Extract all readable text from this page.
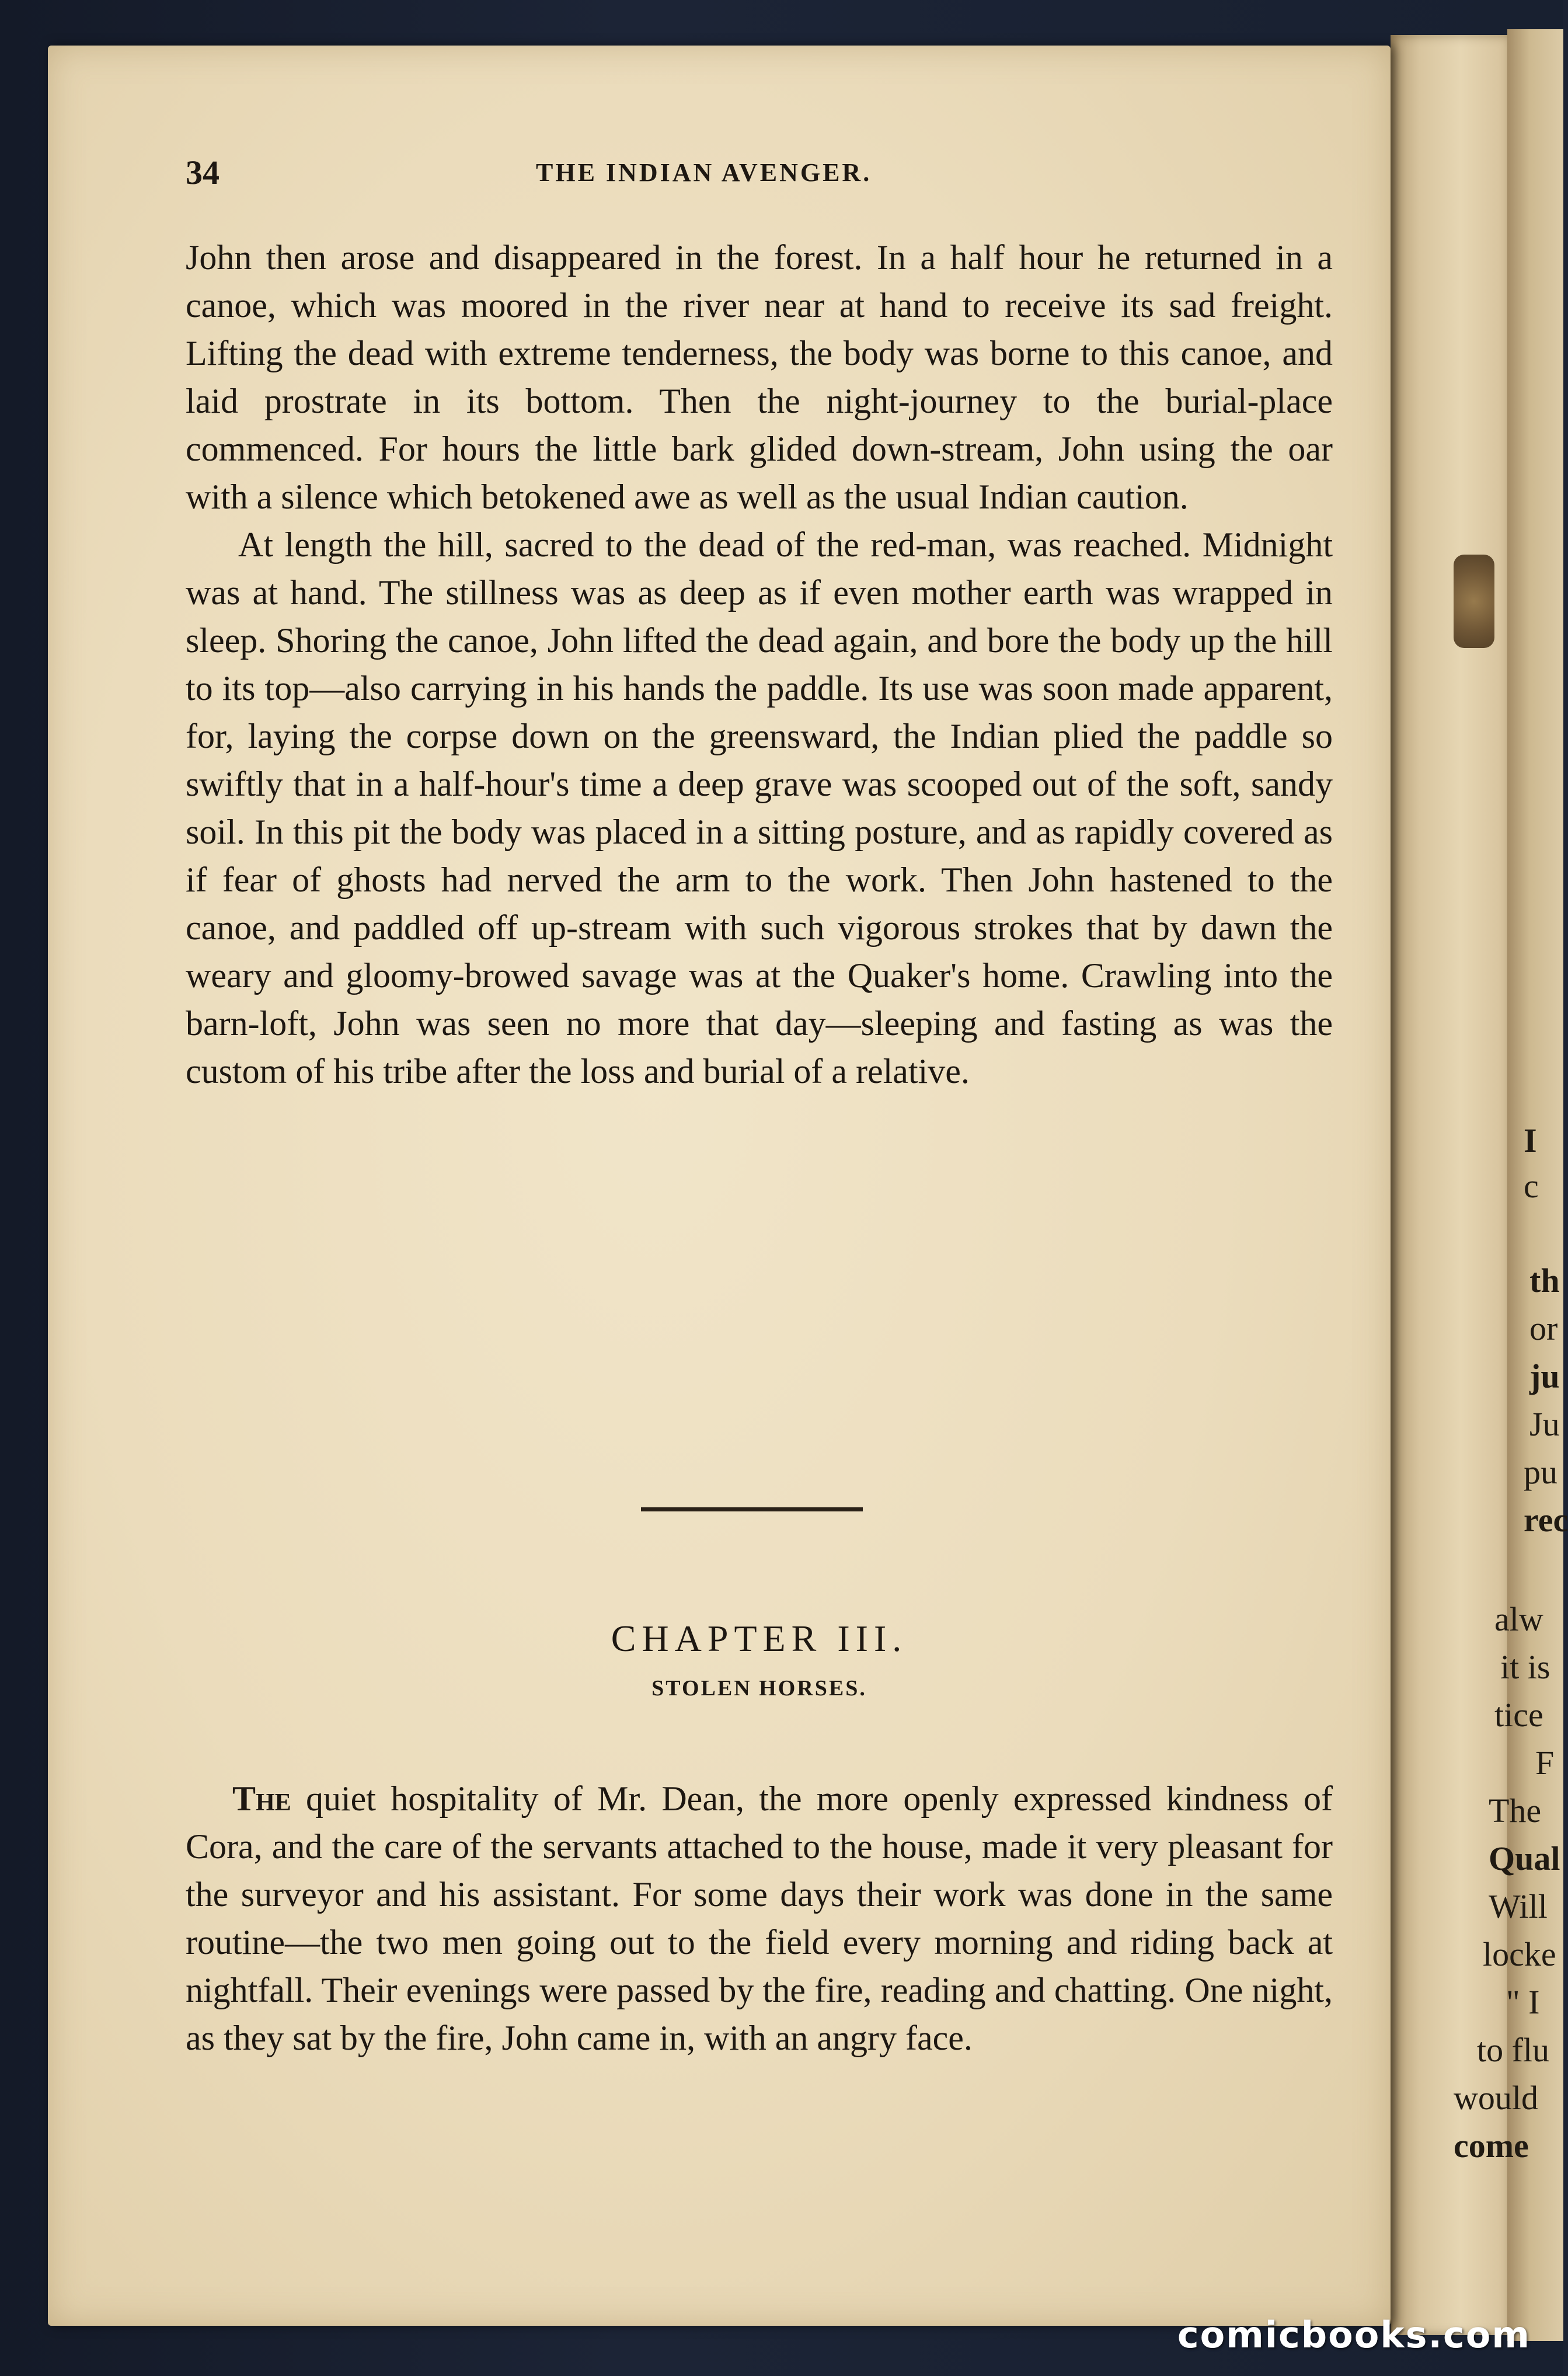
34	THE INDIAN AVENGER.

John then arose and disappeared in the forest. In a half hour he returned in a canoe, which was moored in the river near at hand to receive its sad freight. Lifting the dead with extreme tenderness, the body was borne to this canoe, and laid prostrate in its bottom. Then the night-journey to the burial-place commenced. For hours the little bark glided down-stream, John using the oar with a silence which betokened awe as well as the usual Indian caution.

At length the hill, sacred to the dead of the red-man, was reached. Midnight was at hand. The stillness was as deep as if even mother earth was wrapped in sleep. Shoring the canoe, John lifted the dead again, and bore the body up the hill to its top—also carrying in his hands the paddle. Its use was soon made apparent, for, laying the corpse down on the greensward, the Indian plied the paddle so swiftly that in a half-hour's time a deep grave was scooped out of the soft, sandy soil. In this pit the body was placed in a sitting posture, and as rapidly covered as if fear of ghosts had nerved the arm to the work. Then John hastened to the canoe, and paddled off up-stream with such vigorous strokes that by dawn the weary and gloomy-browed savage was at the Quaker's home. Crawling into the barn-loft, John was seen no more that day—sleeping and fasting as was the custom of his tribe after the loss and burial of a relative.

CHAPTER III.
STOLEN HORSES.

The quiet hospitality of Mr. Dean, the more openly expressed kindness of Cora, and the care of the servants attached to the house, made it very pleasant for the surveyor and his assistant. For some days their work was done in the same routine—the two men going out to the field every morning and riding back at nightfall. Their evenings were passed by the fire, reading and chatting. One night, as they sat by the fire, John came in, with an angry face.

I
c
th
or
ju
Ju
pu
rec
alw
it is
tice
F
The
Qual
Will
locke
" I
to flu
would
come
comicbooks.com
